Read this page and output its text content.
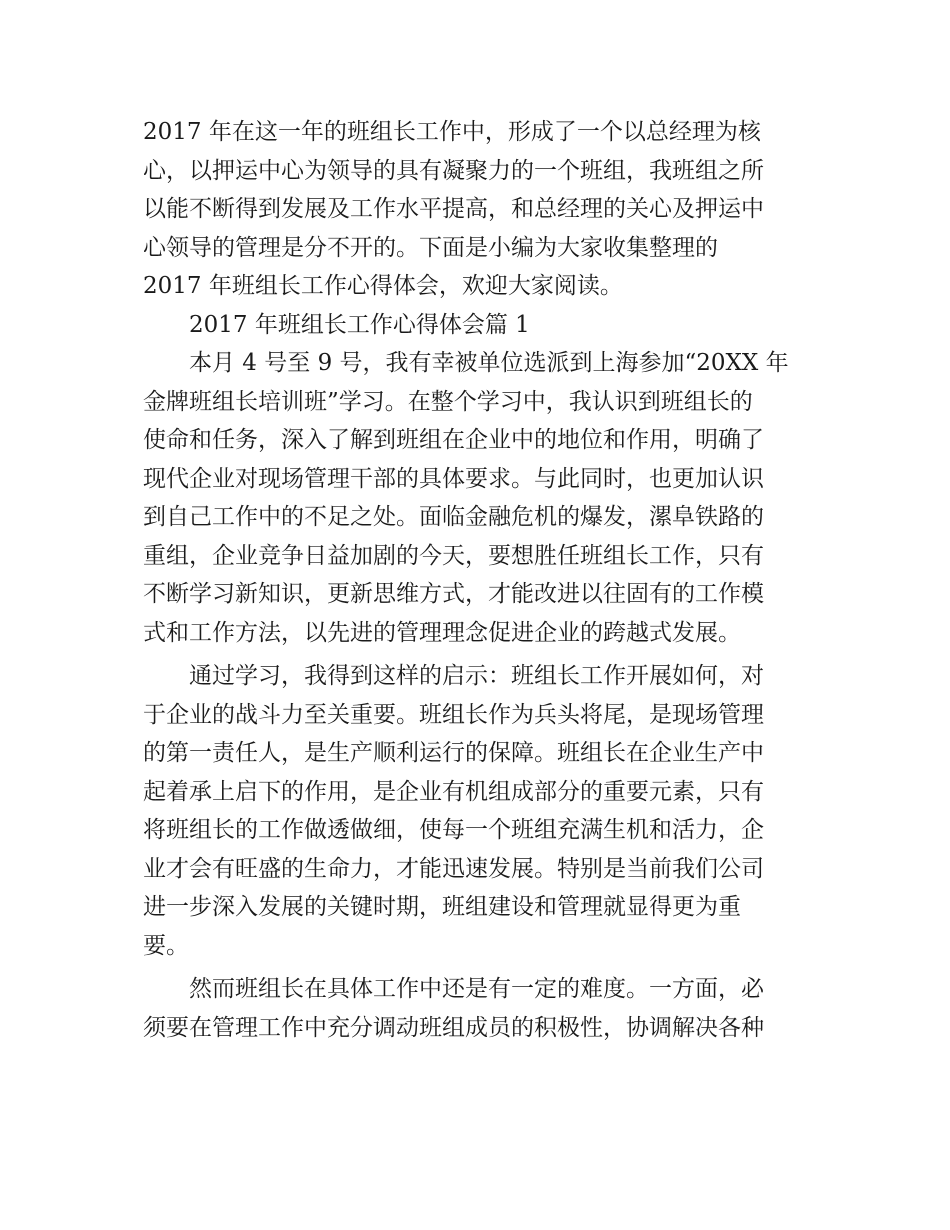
2017 年在这一年的班组长工作中，形成了一个以总经理为核
心，以押运中心为领导的具有凝聚力的一个班组，我班组之所
以能不断得到发展及工作水平提高，和总经理的关心及押运中
心领导的管理是分不开的。下面是小编为大家收集整理的
2017 年班组长工作心得体会，欢迎大家阅读。
2017 年班组长工作心得体会篇 1
本月 4 号至 9 号，我有幸被单位选派到上海参加“20XX 年
金牌班组长培训班”学习。在整个学习中，我认识到班组长的
使命和任务，深入了解到班组在企业中的地位和作用，明确了
现代企业对现场管理干部的具体要求。与此同时，也更加认识
到自己工作中的不足之处。面临金融危机的爆发，漯阜铁路的
重组，企业竞争日益加剧的今天，要想胜任班组长工作，只有
不断学习新知识，更新思维方式，才能改进以往固有的工作模
式和工作方法，以先进的管理理念促进企业的跨越式发展。
通过学习，我得到这样的启示：班组长工作开展如何，对
于企业的战斗力至关重要。班组长作为兵头将尾，是现场管理
的第一责任人，是生产顺利运行的保障。班组长在企业生产中
起着承上启下的作用，是企业有机组成部分的重要元素，只有
将班组长的工作做透做细，使每一个班组充满生机和活力，企
业才会有旺盛的生命力，才能迅速发展。特别是当前我们公司
进一步深入发展的关键时期，班组建设和管理就显得更为重
要。
然而班组长在具体工作中还是有一定的难度。一方面，必
须要在管理工作中充分调动班组成员的积极性，协调解决各种
